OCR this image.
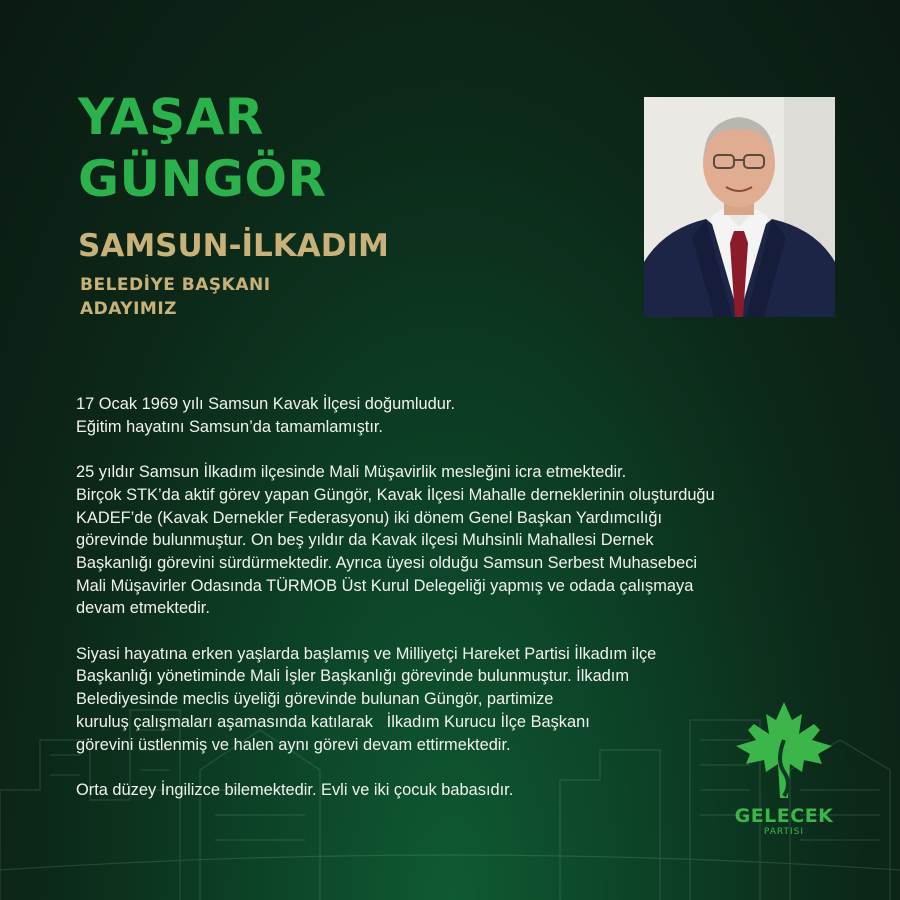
YAŞAR
GÜNGÖR
SAMSUN-İLKADIM
BELEDİYE BAŞKANI
ADAYIMIZ

17 Ocak 1969 yılı Samsun Kavak İlçesi doğumludur.
Eğitim hayatını Samsun’da tamamlamıştır.

25 yıldır Samsun İlkadım ilçesinde Mali Müşavirlik mesleğini icra etmektedir.
Birçok STK’da aktif görev yapan Güngör, Kavak İlçesi Mahalle derneklerinin oluşturduğu
KADEF’de (Kavak Dernekler Federasyonu) iki dönem Genel Başkan Yardımcılığı
görevinde bulunmuştur. On beş yıldır da Kavak ilçesi Muhsinli Mahallesi Dernek
Başkanlığı görevini sürdürmektedir. Ayrıca üyesi olduğu Samsun Serbest Muhasebeci
Mali Müşavirler Odasında TÜRMOB Üst Kurul Delegeliği yapmış ve odada çalışmaya
devam etmektedir.

Siyasi hayatına erken yaşlarda başlamış ve Milliyetçi Hareket Partisi İlkadım ilçe
Başkanlığı yönetiminde Mali İşler Başkanlığı görevinde bulunmuştur. İlkadım
Belediyesinde meclis üyeliği görevinde bulunan Güngör, partimize
kuruluş çalışmaları aşamasında katılarak   İlkadım Kurucu İlçe Başkanı
görevini üstlenmiş ve halen aynı görevi devam ettirmektedir.

Orta düzey İngilizce bilemektedir. Evli ve iki çocuk babasıdır.

GELECEK
PARTISI
